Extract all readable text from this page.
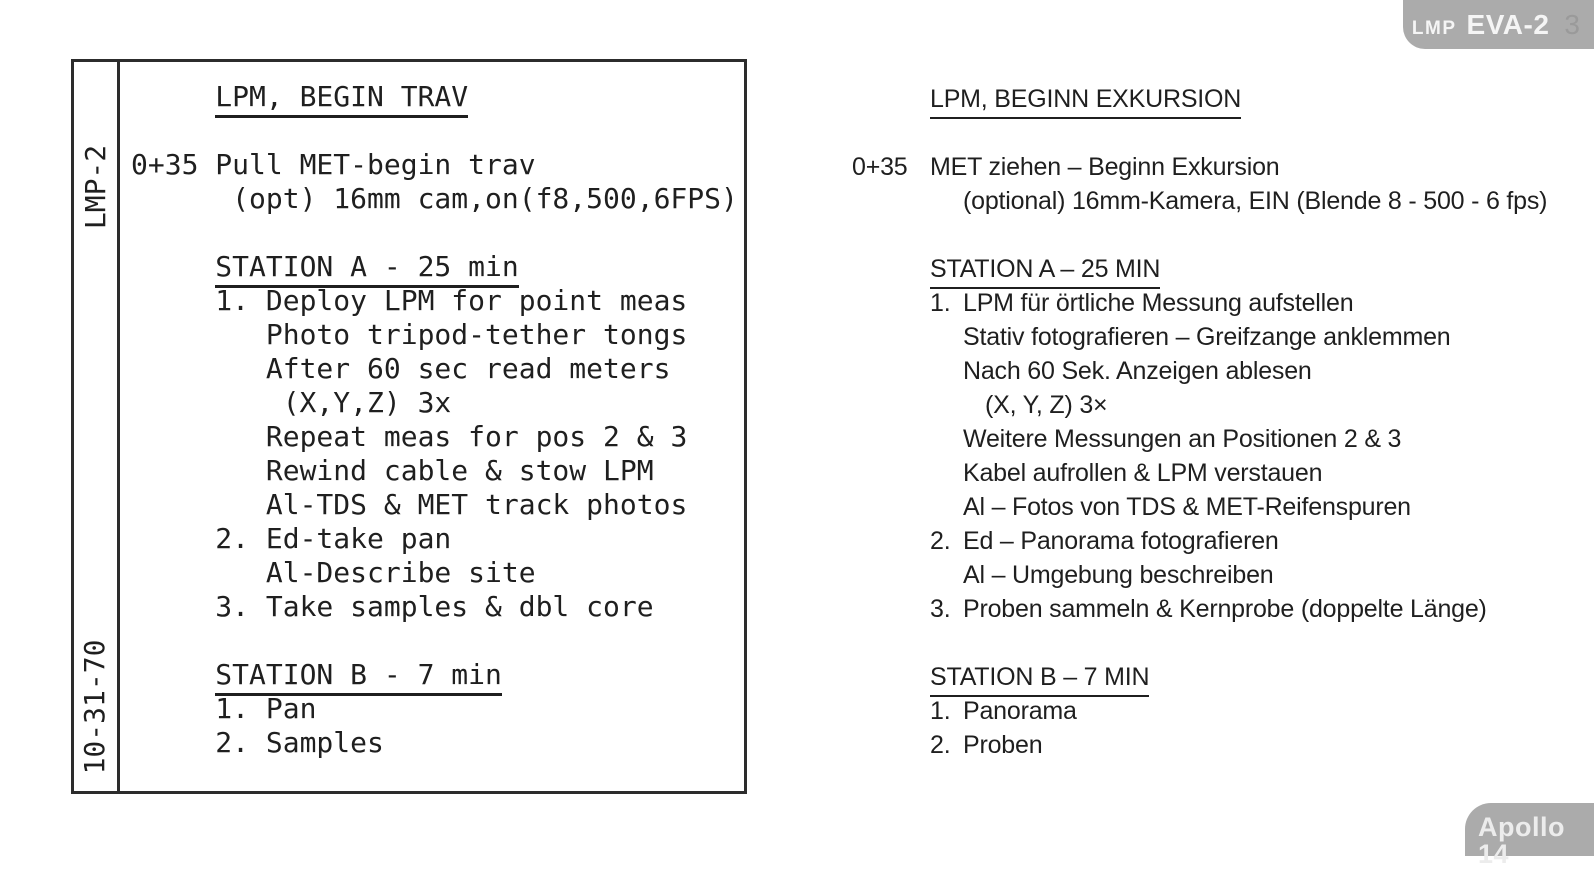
LMP EVA-2 3
LPM, BEGIN TRAV
0+35 Pull MET-begin trav
(opt) 16mm cam,on(f8,500,6FPS)
STATION A - 25 min
1. Deploy LPM for point meas
Photo tripod-tether tongs
After 60 sec read meters
(X,Y,Z) 3x
Repeat meas for pos 2 & 3
Rewind cable & stow LPM
Al-TDS & MET track photos
2. Ed-take pan
Al-Describe site
3. Take samples & dbl core
STATION B - 7 min
1. Pan
2. Samples
LMP-2
10-31-70
LPM, BEGINN EXKURSION
0+35 MET ziehen – Beginn Exkursion
(optional) 16mm-Kamera, EIN (Blende 8 - 500 - 6 fps)
STATION A – 25 MIN
1. LPM für örtliche Messung aufstellen
Stativ fotografieren – Greifzange anklemmen
Nach 60 Sek. Anzeigen ablesen
(X, Y, Z) 3×
Weitere Messungen an Positionen 2 & 3
Kabel aufrollen & LPM verstauen
Al – Fotos von TDS & MET-Reifenspuren
2. Ed – Panorama fotografieren
Al – Umgebung beschreiben
3. Proben sammeln & Kernprobe (doppelte Länge)
STATION B – 7 MIN
1. Panorama
2. Proben
Apollo 14
